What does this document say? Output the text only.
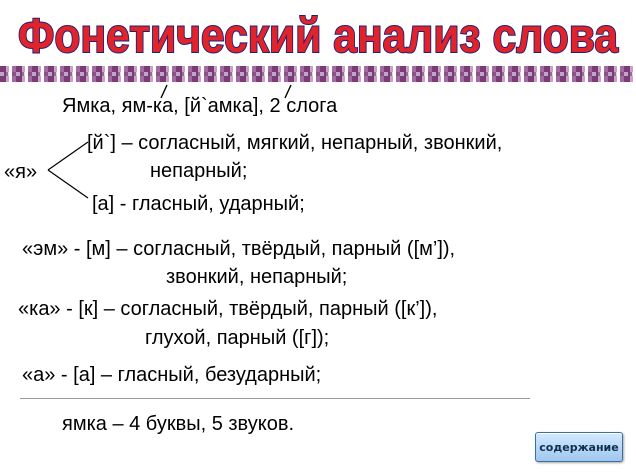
Фонетический анализ слова
Ямка, ям-ка, [й`амка], 2 слога
[й`] – согласный, мягкий, непарный, звонкий,
непарный;
«я»
[а] - гласный, ударный;
«эм» - [м] – согласный, твёрдый, парный ([м’]),
звонкий, непарный;
«ка» - [к] – согласный, твёрдый, парный ([к’]),
глухой, парный ([г]);
«а» - [а] – гласный, безударный;
ямка – 4 буквы, 5 звуков.
содержание
